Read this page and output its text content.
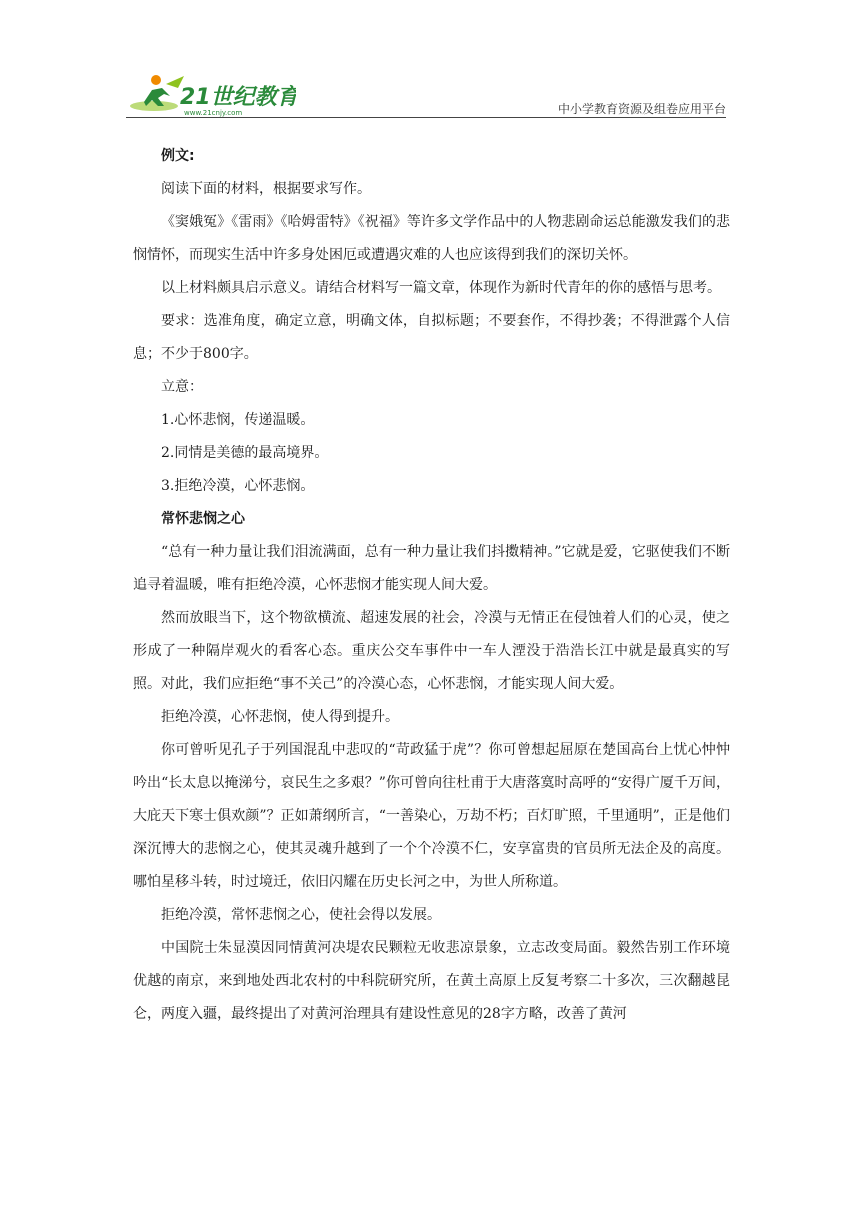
21世纪教育
www.21cnjy.com	中小学教育资源及组卷应用平台

例文:

阅读下面的材料，根据要求写作。

《窦娥冤》《雷雨》《哈姆雷特》《祝福》等许多文学作品中的人物悲剧命运总能激发我们的悲悯情怀，而现实生活中许多身处困厄或遭遇灾难的人也应该得到我们的深切关怀。

以上材料颇具启示意义。请结合材料写一篇文章，体现作为新时代青年的你的感悟与思考。

要求：选准角度，确定立意，明确文体，自拟标题；不要套作，不得抄袭；不得泄露个人信息；不少于800字。

立意：

1.心怀悲悯，传递温暖。

2.同情是美德的最高境界。

3.拒绝冷漠，心怀悲悯。

常怀悲悯之心

“总有一种力量让我们泪流满面，总有一种力量让我们抖擞精神。”它就是爱，它驱使我们不断追寻着温暖，唯有拒绝冷漠，心怀悲悯才能实现人间大爱。

然而放眼当下，这个物欲横流、超速发展的社会，冷漠与无情正在侵蚀着人们的心灵，使之形成了一种隔岸观火的看客心态。重庆公交车事件中一车人湮没于浩浩长江中就是最真实的写照。对此，我们应拒绝“事不关己”的冷漠心态，心怀悲悯，才能实现人间大爱。

拒绝冷漠，心怀悲悯，使人得到提升。

你可曾听见孔子于列国混乱中悲叹的“苛政猛于虎”？你可曾想起屈原在楚国高台上忧心忡忡吟出“长太息以掩涕兮，哀民生之多艰？”你可曾向往杜甫于大唐落寞时高呼的“安得广厦千万间，大庇天下寒士俱欢颜”？正如萧纲所言，“一善染心，万劫不朽；百灯旷照，千里通明”，正是他们深沉博大的悲悯之心，使其灵魂升越到了一个个冷漠不仁，安享富贵的官员所无法企及的高度。哪怕星移斗转，时过境迁，依旧闪耀在历史长河之中，为世人所称道。

拒绝冷漠，常怀悲悯之心，使社会得以发展。

中国院士朱显漠因同情黄河决堤农民颗粒无收悲凉景象，立志改变局面。毅然告别工作环境优越的南京，来到地处西北农村的中科院研究所，在黄土高原上反复考察二十多次，三次翻越昆仑，两度入疆，最终提出了对黄河治理具有建设性意见的28字方略，改善了黄河
